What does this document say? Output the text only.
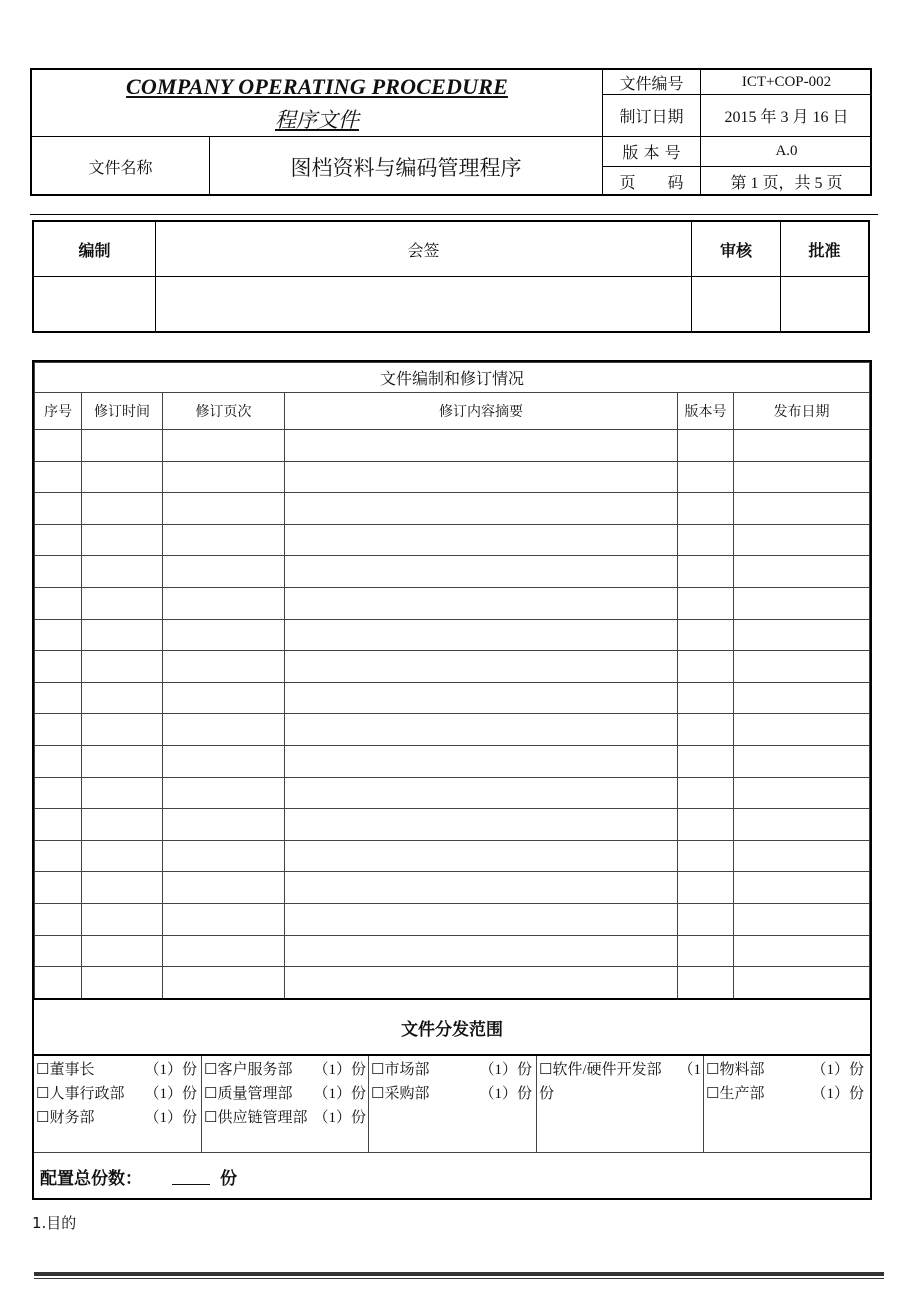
COMPANY OPERATING PROCEDURE
程序文件
文件名称	图档资料与编码管理程序
文件编号	ICT+COP-002
制订日期	2015 年 3 月 16 日
版 本 号	A.0
页　　码	第 1 页，共 5 页
编制	会签	审核	批准
文件编制和修订情况					
序号	修订时间	修订页次	修订内容摘要	版本号	发布日期

文件分发范围
☐董事长	（1）份
☐人事行政部	（1）份
☐财务部	（1）份
☐客户服务部	（1）份
☐质量管理部	（1）份
☐供应链管理部 （1）份
☐市场部	（1）份
☐采购部	（1）份
☐软件/硬件开发部	（1
份
☐物料部	（1）份
☐生产部	（1）份
配置总份数：	份
1.目的
